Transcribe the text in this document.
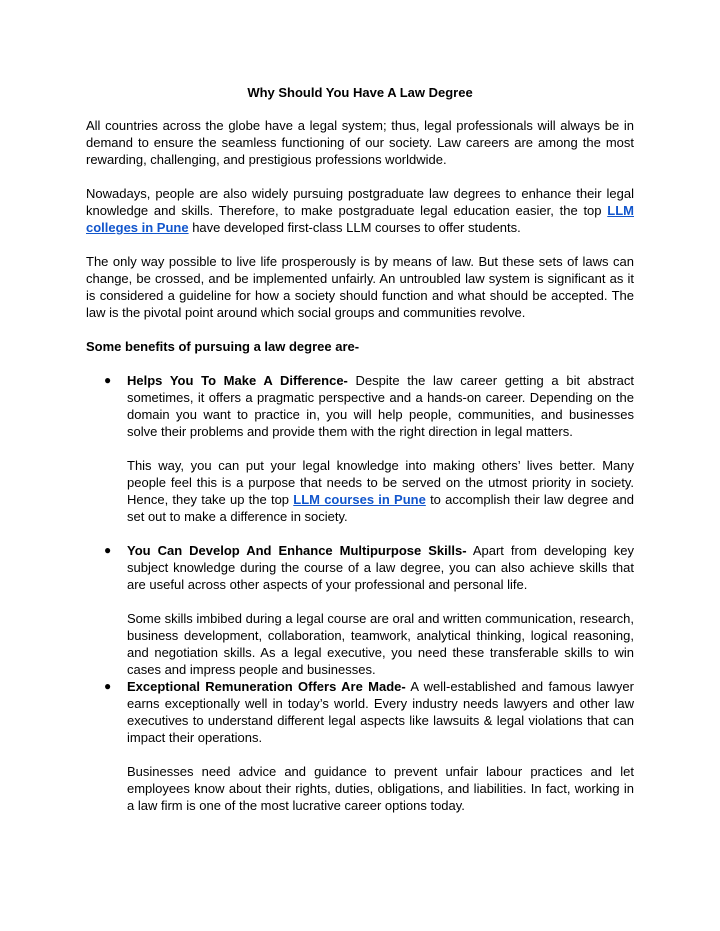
Why Should You Have A Law Degree

All countries across the globe have a legal system; thus, legal professionals will always be in demand to ensure the seamless functioning of our society. Law careers are among the most rewarding, challenging, and prestigious professions worldwide.

Nowadays, people are also widely pursuing postgraduate law degrees to enhance their legal knowledge and skills. Therefore, to make postgraduate legal education easier, the top LLM colleges in Pune have developed first-class LLM courses to offer students.

The only way possible to live life prosperously is by means of law. But these sets of laws can change, be crossed, and be implemented unfairly. An untroubled law system is significant as it is considered a guideline for how a society should function and what should be accepted. The law is the pivotal point around which social groups and communities revolve.

Some benefits of pursuing a law degree are-
● Helps You To Make A Difference- Despite the law career getting a bit abstract sometimes, it offers a pragmatic perspective and a hands-on career. Depending on the domain you want to practice in, you will help people, communities, and businesses solve their problems and provide them with the right direction in legal matters.

This way, you can put your legal knowledge into making others’ lives better. Many people feel this is a purpose that needs to be served on the utmost priority in society. Hence, they take up the top LLM courses in Pune to accomplish their law degree and set out to make a difference in society.

● You Can Develop And Enhance Multipurpose Skills- Apart from developing key subject knowledge during the course of a law degree, you can also achieve skills that are useful across other aspects of your professional and personal life.

Some skills imbibed during a legal course are oral and written communication, research, business development, collaboration, teamwork, analytical thinking, logical reasoning, and negotiation skills. As a legal executive, you need these transferable skills to win cases and impress people and businesses.

● Exceptional Remuneration Offers Are Made- A well-established and famous lawyer earns exceptionally well in today’s world. Every industry needs lawyers and other law executives to understand different legal aspects like lawsuits & legal violations that can impact their operations.

Businesses need advice and guidance to prevent unfair labour practices and let employees know about their rights, duties, obligations, and liabilities. In fact, working in a law firm is one of the most lucrative career options today.
